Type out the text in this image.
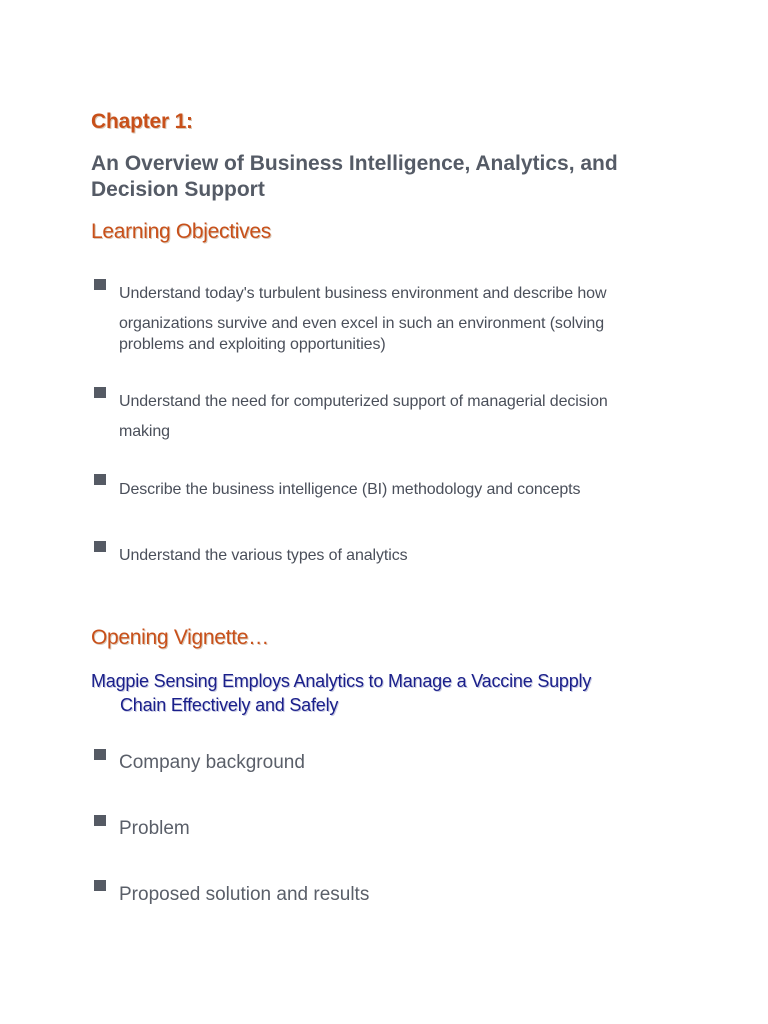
Chapter 1:
An Overview of Business Intelligence, Analytics, and Decision Support
Learning Objectives

Understand today's turbulent business environment and describe how

organizations survive and even excel in such an environment (solving

problems and exploiting opportunities)

Understand the need for computerized support of managerial decision

making

Describe the business intelligence (BI) methodology and concepts

Understand the various types of analytics

Opening Vignette…

Magpie Sensing Employs Analytics to Manage a Vaccine Supply
Chain Effectively and Safely

Company background

Problem

Proposed solution and results
